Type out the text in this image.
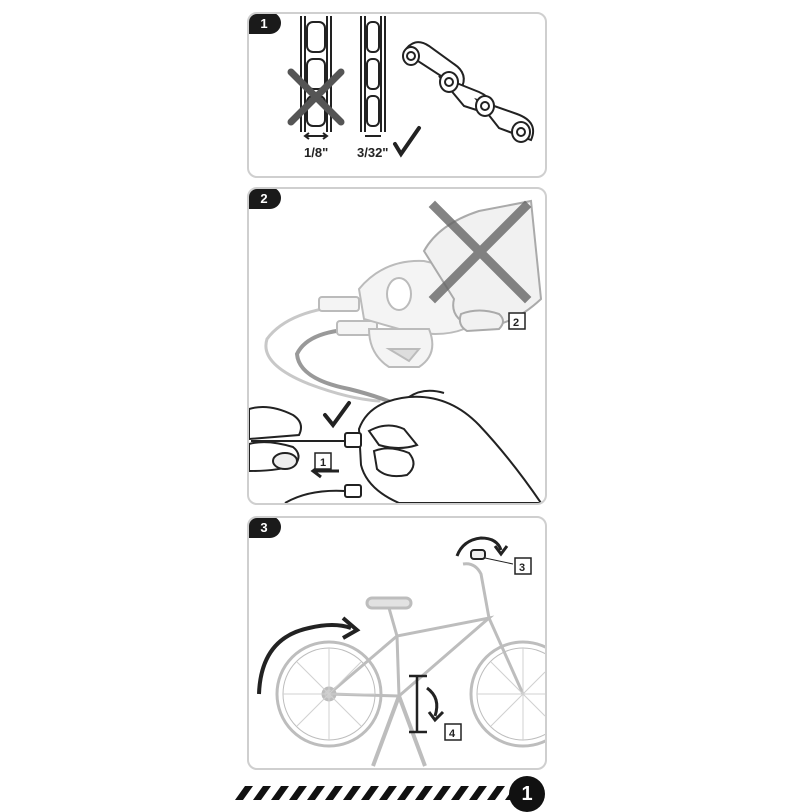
1
1/8" 3/32"
2
2
1
3
4
3
1
